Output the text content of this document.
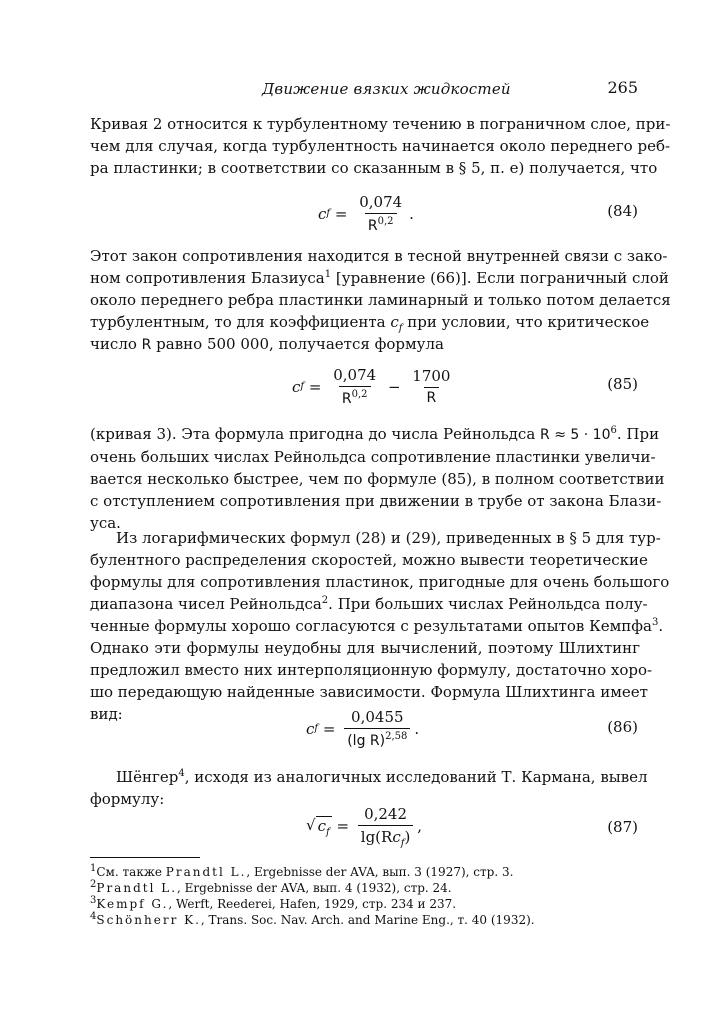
Движение вязких жидкостей	265
Кривая 2 относится к турбулентному течению в пограничном слое, при-
чем для случая, когда турбулентность начинается около переднего реб-
ра пластинки; в соответствии со сказанным в § 5, п. е) получается, что
c $f = \frac{0,074}{R^{0,2}}$ .	(84)
Этот закон сопротивления находится в тесной внутренней связи с зако-
ном сопротивления Блазиуса$^1$ [уравнение (66)]. Если пограничный слой
около переднего ребра пластинки ламинарный и только потом делается
турбулентным, то для коэффициента $c_f$ при условии, что критическое
число R равно 500 000, получается формула
c $f = \frac{0,074}{R^{0,2}} - \frac{1700}{R}$	(85)
(кривая 3). Эта формула пригодна до числа Рейнольдса $R \approx 5 \cdot 10^6$. При
очень больших числах Рейнольдса сопротивление пластинки увеличи-
вается несколько быстрее, чем по формуле (85), в полном соответствии
с отступлением сопротивления при движении в трубе от закона Блази-
уса.
Из логарифмических формул (28) и (29), приведенных в § 5 для тур-
булентного распределения скоростей, можно вывести теоретические
формулы для сопротивления пластинок, пригодные для очень большого
диапазона чисел Рейнольдса$^2$. При больших числах Рейнольдса полу-
ченные формулы хорошо согласуются с результатами опытов Кемпфа$^3$.
Однако эти формулы неудобны для вычислений, поэтому Шлихтинг
предложил вместо них интерполяционную формулу, достаточно хоро-
шо передающую найденные зависимости. Формула Шлихтинга имеет
вид:
c $f = \frac{0,0455}{(\lg R)^{2,58}}$ .	(86)
Шёнгер$^4$, исходя из аналогичных исследований Т. Кармана, вывел
формулу:
√ $c_f = \frac{0,242}{\lg(Rc_f)}$ ,	(87)
$^1$См. также Prandtl L., Ergebnisse der AVA, вып. 3 (1927), стр. 3.
$^2$Prandtl L., Ergebnisse der AVA, вып. 4 (1932), стр. 24.
$^3$Kempf G., Werft, Reederei, Hafen, 1929, стр. 234 и 237.
$^4$Schönherr K., Trans. Soc. Nav. Arch. and Marine Eng., т. 40 (1932).
